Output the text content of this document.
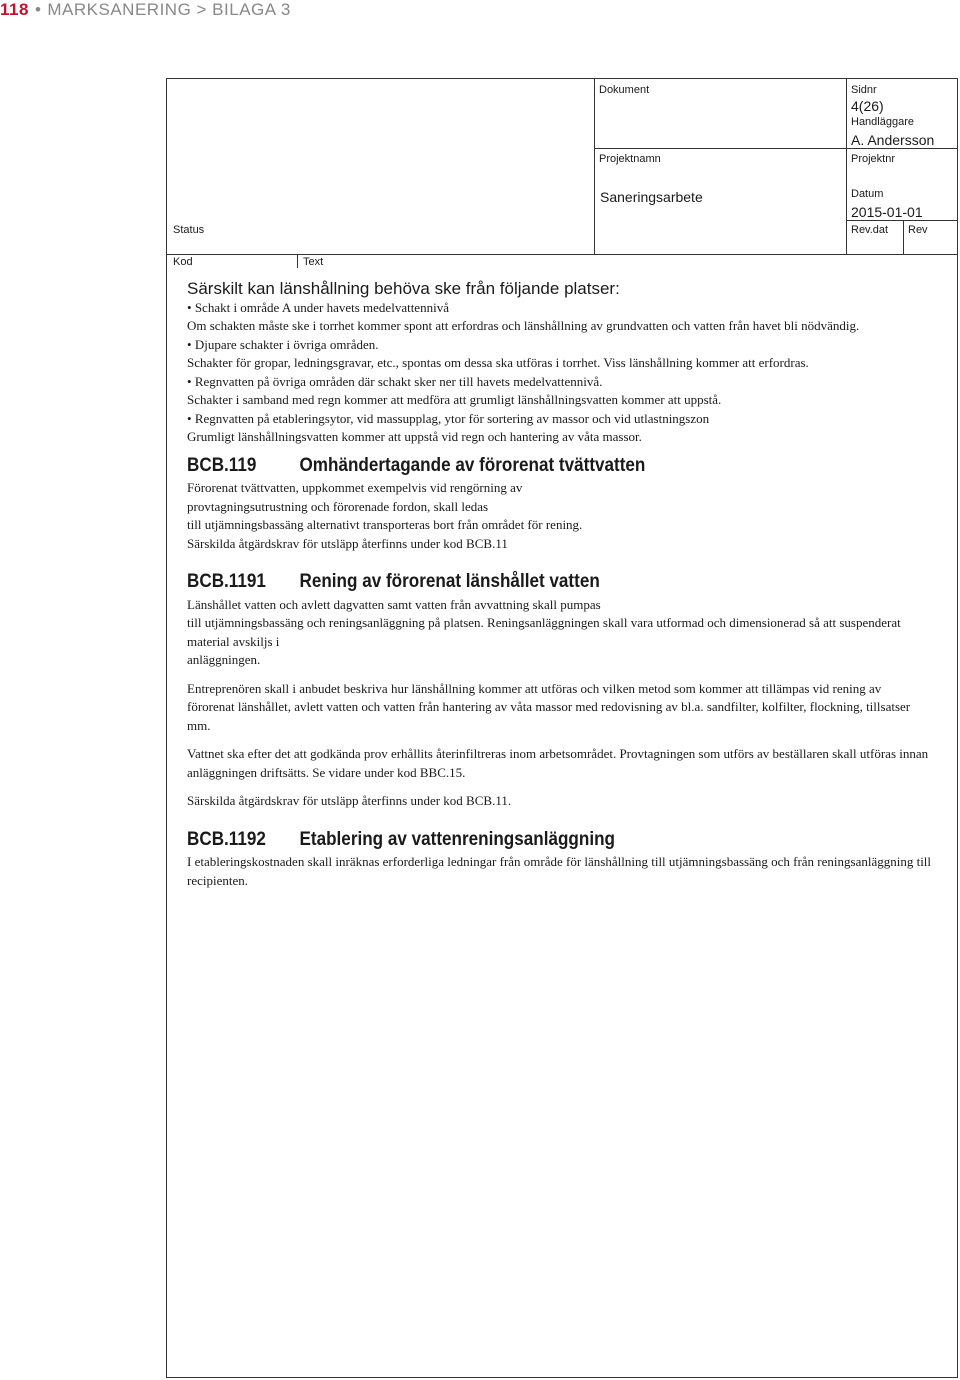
118 • MARKSANERING > BILAGA 3
Dokument	Sidnr
4(26)
Handläggare
A. Andersson
Projektnamn	Projektnr
Saneringsarbete	Datum
2015-01-01
Status	Rev.dat Rev
Kod	Text

Särskilt kan länshållning behöva ske från följande platser:

• Schakt i område A under havets medelvattennivå

Om schakten måste ske i torrhet kommer spont att erfordras och länshållning av grundvatten och vatten från havet bli nödvändig.

• Djupare schakter i övriga områden.

Schakter för gropar, ledningsgravar, etc., spontas om dessa ska utföras i torrhet. Viss länshållning kommer att erfordras.

• Regnvatten på övriga områden där schakt sker ner till havets medelvattennivå.

Schakter i samband med regn kommer att medföra att grumligt länshållningsvatten kommer att uppstå.

• Regnvatten på etableringsytor, vid massupplag, ytor för sortering av massor och vid utlastningszon

Grumligt länshållningsvatten kommer att uppstå vid regn och hantering av våta massor.

BCB.119 Omhändertagande av förorenat tvättvatten

Förorenat tvättvatten, uppkommet exempelvis vid rengörning av

provtagningsutrustning och förorenade fordon, skall ledas

till utjämningsbassäng alternativt transporteras bort från området för rening.

Särskilda åtgärdskrav för utsläpp återfinns under kod BCB.11

BCB.1191 Rening av förorenat länshållet vatten

Länshållet vatten och avlett dagvatten samt vatten från avvattning skall pumpas

till utjämningsbassäng och reningsanläggning på platsen. Reningsanläggningen skall vara utformad och dimensionerad så att suspenderat material avskiljs i

anläggningen.

Entreprenören skall i anbudet beskriva hur länshållning kommer att utföras och vilken metod som kommer att tillämpas vid rening av förorenat länshållet, avlett vatten och vatten från hantering av våta massor med redovisning av bl.a. sandfilter, kolfilter, flockning, tillsatser mm.

Vattnet ska efter det att godkända prov erhållits återinfiltreras inom arbetsområdet. Provtagningen som utförs av beställaren skall utföras innan anläggningen driftsätts. Se vidare under kod BBC.15.

Särskilda åtgärdskrav för utsläpp återfinns under kod BCB.11.

BCB.1192 Etablering av vattenreningsanläggning

I etableringskostnaden skall inräknas erforderliga ledningar från område för länshållning till utjämningsbassäng och från reningsanläggning till recipienten.
